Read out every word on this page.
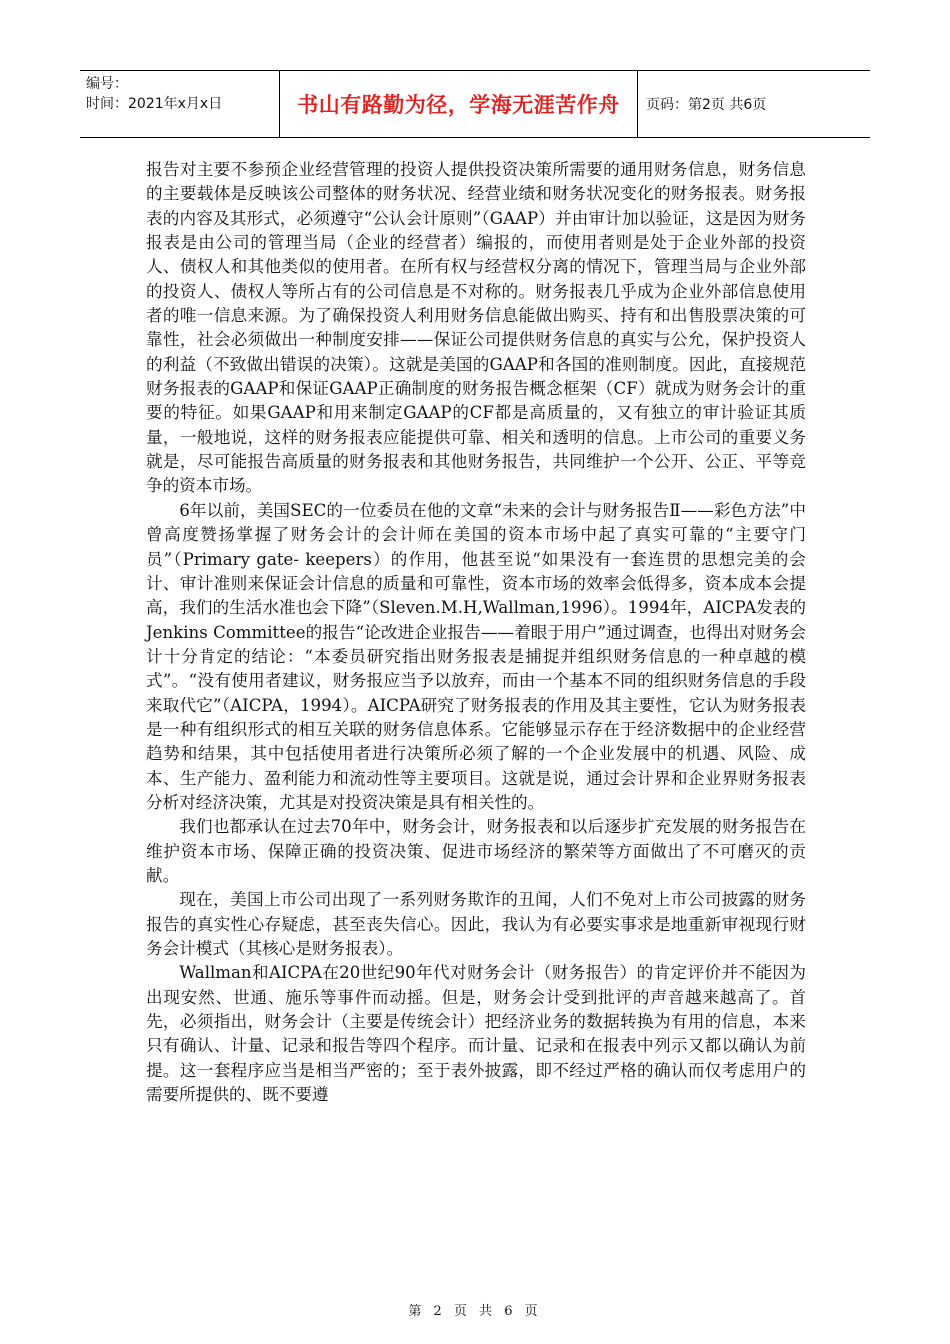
编号：
时间：2021年x月x日	书山有路勤为径，学海无涯苦作舟 页码：第2页 共6页

报告对主要不参预企业经营管理的投资人提供投资决策所需要的通用财务信息，财务信息的主要载体是反映该公司整体的财务状况、经营业绩和财务状况变化的财务报表。财务报表的内容及其形式，必须遵守“公认会计原则”（GAAP）并由审计加以验证，这是因为财务报表是由公司的管理当局（企业的经营者）编报的，而使用者则是处于企业外部的投资人、债权人和其他类似的使用者。在所有权与经营权分离的情况下，管理当局与企业外部的投资人、债权人等所占有的公司信息是不对称的。财务报表几乎成为企业外部信息使用者的唯一信息来源。为了确保投资人利用财务信息能做出购买、持有和出售股票决策的可靠性，社会必须做出一种制度安排——保证公司提供财务信息的真实与公允，保护投资人的利益（不致做出错误的决策）。这就是美国的GAAP和各国的准则制度。因此，直接规范财务报表的GAAP和保证GAAP正确制度的财务报告概念框架（CF）就成为财务会计的重要的特征。如果GAAP和用来制定GAAP的CF都是高质量的，又有独立的审计验证其质量，一般地说，这样的财务报表应能提供可靠、相关和透明的信息。上市公司的重要义务就是，尽可能报告高质量的财务报表和其他财务报告，共同维护一个公开、公正、平等竞争的资本市场。

6年以前，美国SEC的一位委员在他的文章“未来的会计与财务报告Ⅱ——彩色方法”中曾高度赞扬掌握了财务会计的会计师在美国的资本市场中起了真实可靠的“主要守门员”（Primary gate- keepers）的作用，他甚至说“如果没有一套连贯的思想完美的会计、审计准则来保证会计信息的质量和可靠性，资本市场的效率会低得多，资本成本会提高，我们的生活水准也会下降”（Sleven.M.H,Wallman,1996）。1994年，AICPA发表的Jenkins Committee的报告“论改进企业报告——着眼于用户”通过调查，也得出对财务会计十分肯定的结论：“本委员研究指出财务报表是捕捉并组织财务信息的一种卓越的模式”。“没有使用者建议，财务报应当予以放弃，而由一个基本不同的组织财务信息的手段来取代它”（AICPA，1994）。AICPA研究了财务报表的作用及其主要性，它认为财务报表是一种有组织形式的相互关联的财务信息体系。它能够显示存在于经济数据中的企业经营趋势和结果，其中包括使用者进行决策所必须了解的一个企业发展中的机遇、风险、成本、生产能力、盈利能力和流动性等主要项目。这就是说，通过会计界和企业界财务报表分析对经济决策，尤其是对投资决策是具有相关性的。

我们也都承认在过去70年中，财务会计，财务报表和以后逐步扩充发展的财务报告在维护资本市场、保障正确的投资决策、促进市场经济的繁荣等方面做出了不可磨灭的贡献。

现在，美国上市公司出现了一系列财务欺诈的丑闻，人们不免对上市公司披露的财务报告的真实性心存疑虑，甚至丧失信心。因此，我认为有必要实事求是地重新审视现行财务会计模式（其核心是财务报表）。

Wallman和AICPA在20世纪90年代对财务会计（财务报告）的肯定评价并不能因为出现安然、世通、施乐等事件而动摇。但是，财务会计受到批评的声音越来越高了。首先，必须指出，财务会计（主要是传统会计）把经济业务的数据转换为有用的信息，本来只有确认、计量、记录和报告等四个程序。而计量、记录和在报表中列示又都以确认为前提。这一套程序应当是相当严密的；至于表外披露，即不经过严格的确认而仅考虑用户的需要所提供的、既不要遵

第 2 页 共 6 页
